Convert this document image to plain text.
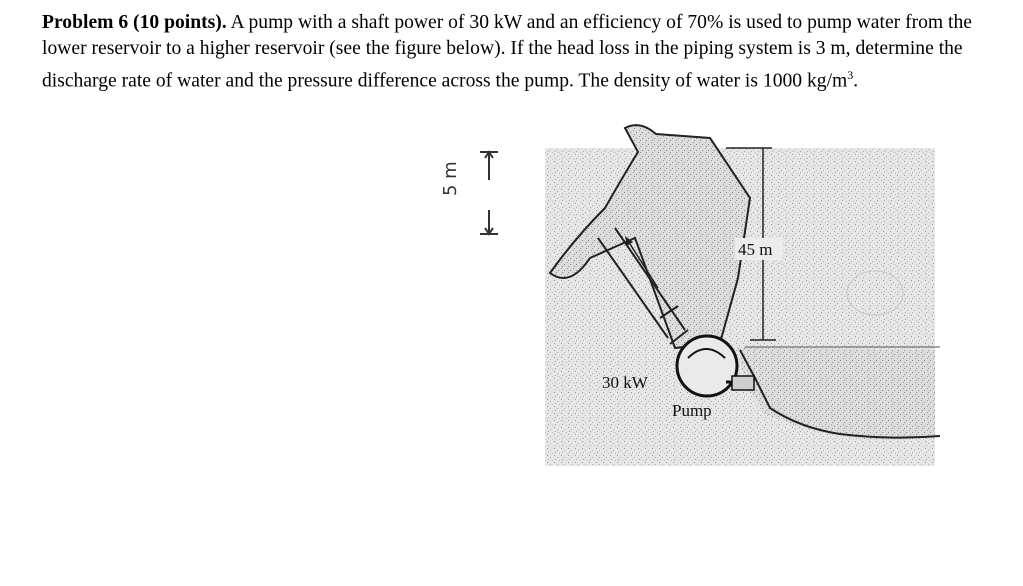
Problem 6 (10 points). A pump with a shaft power of 30 kW and an efficiency of 70% is used to pump water from the lower reservoir to a higher reservoir (see the figure below). If the head loss in the piping system is 3 m, determine the discharge rate of water and the pressure difference across the pump. The density of water is 1000 $kg/m^3$.

5 m
45 m
30 kW
Pump
